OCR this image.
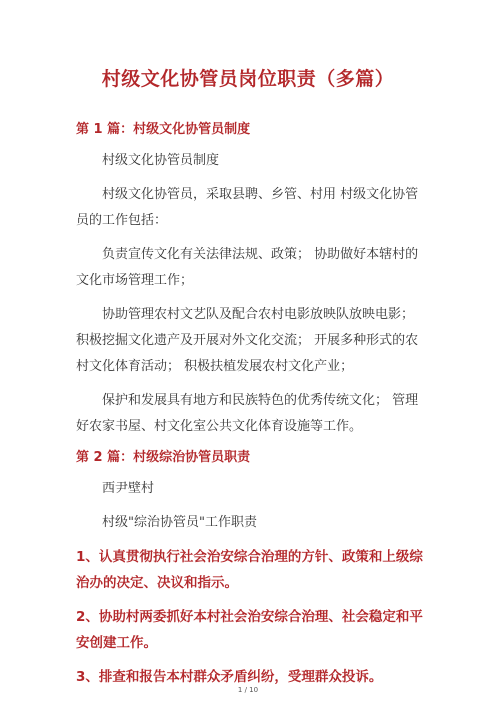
村级文化协管员岗位职责（多篇）
第 1 篇：村级文化协管员制度

村级文化协管员制度

村级文化协管员，采取县聘、乡管、村用 村级文化协管员的工作包括：

负责宣传文化有关法律法规、政策； 协助做好本辖村的文化市场管理工作；

协助管理农村文艺队及配合农村电影放映队放映电影； 积极挖掘文化遗产及开展对外文化交流； 开展多种形式的农村文化体育活动； 积极扶植发展农村文化产业；

保护和发展具有地方和民族特色的优秀传统文化； 管理好农家书屋、村文化室公共文化体育设施等工作。

第 2 篇：村级综治协管员职责

西尹壁村

村级"综治协管员"工作职责

1、认真贯彻执行社会治安综合治理的方针、政策和上级综治办的决定、决议和指示。

2、协助村两委抓好本村社会治安综合治理、社会稳定和平安创建工作。

3、排查和报告本村群众矛盾纠纷，受理群众投诉。

1 / 10
